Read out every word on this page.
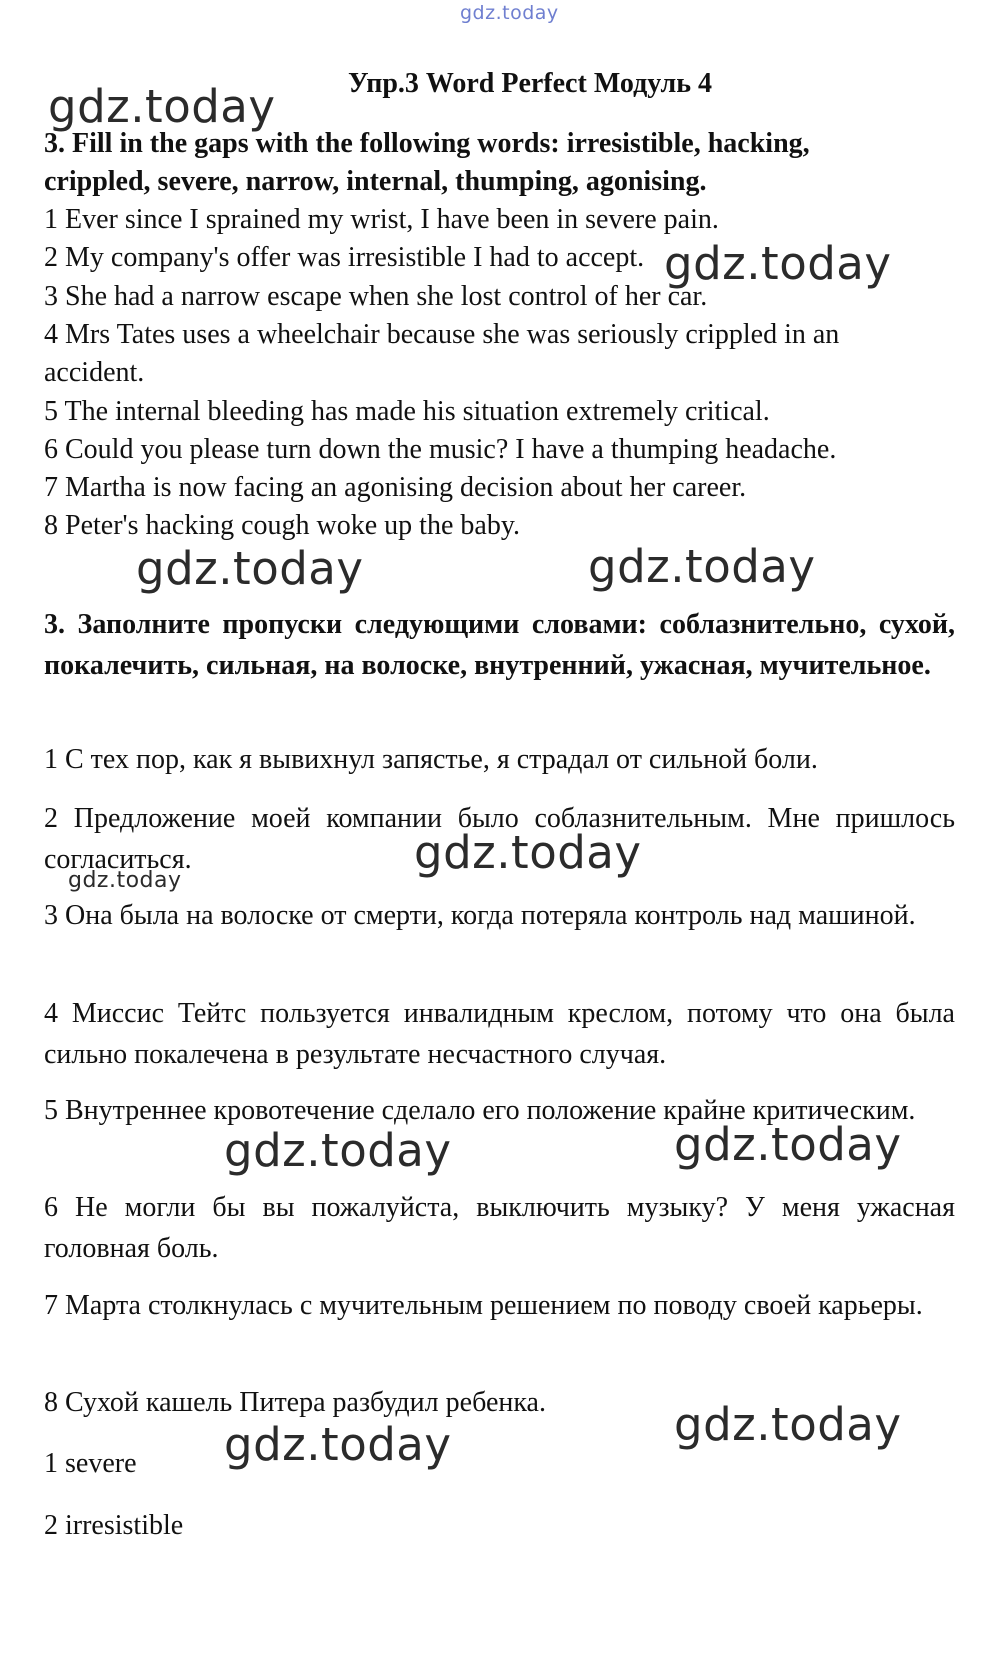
gdz.today
gdz.today
gdz.today
gdz.today	gdz.today
gdz.today
gdz.today
gdz.today	gdz.today
gdz.today
gdz.today
Упр.3 Word Perfect Модуль 4
3. Fill in the gaps with the following words: irresistible, hacking,
crippled, severe, narrow, internal, thumping, agonising.
1 Ever since I sprained my wrist, I have been in severe pain.
2 My company's offer was irresistible I had to accept.
3 She had a narrow escape when she lost control of her car.
4 Mrs Tates uses a wheelchair because she was seriously crippled in an
accident.
5 The internal bleeding has made his situation extremely critical.
6 Could you please turn down the music? I have a thumping headache.
7 Martha is now facing an agonising decision about her career.
8 Peter's hacking cough woke up the baby.
3. Заполните пропуски следующими словами: соблазнительно, сухой, покалечить, сильная, на волоске, внутренний, ужасная, мучительное.
1 С тех пор, как я вывихнул запястье, я страдал от сильной боли.
2 Предложение моей компании было соблазнительным. Мне пришлось согласиться.
3 Она была на волоске от смерти, когда потеряла контроль над машиной.
4 Миссис Тейтс пользуется инвалидным креслом, потому что она была сильно покалечена в результате несчастного случая.
5 Внутреннее кровотечение сделало его положение крайне критическим.
6 Не могли бы вы пожалуйста, выключить музыку? У меня ужасная головная боль.
7 Марта столкнулась с мучительным решением по поводу своей карьеры.
8 Сухой кашель Питера разбудил ребенка.
1 severe
2 irresistible
